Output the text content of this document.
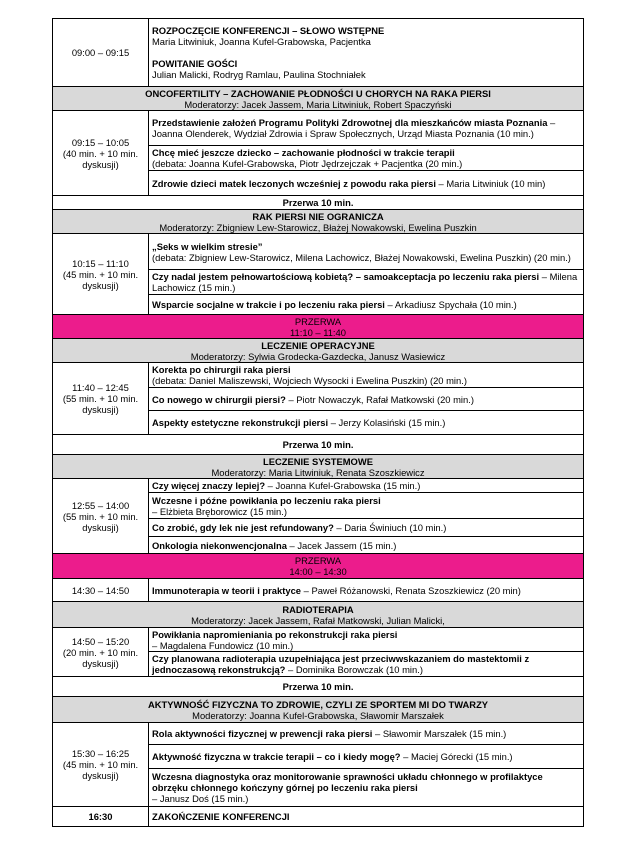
09:00 – 09:15	ROZPOCZĘCIE KONFERENCJI – SŁOWO WSTĘPNE
Maria Litwiniuk, Joanna Kufel-Grabowska, Pacjentka

POWITANIE GOŚCI
Julian Malicki, Rodryg Ramlau, Paulina Stochniałek

ONCOFERTILITY – ZACHOWANIE PŁODNOŚCI U CHORYCH NA RAKA PIERSI
Moderatorzy: Jacek Jassem, Maria Litwiniuk, Robert Spaczyński	

09:15 – 10:05
(40 min. + 10 min.
dyskusji)	Przedstawienie założeń Programu Polityki Zdrowotnej dla mieszkańców miasta Poznania – Joanna Olenderek, Wydział Zdrowia i Spraw Społecznych, Urząd Miasta Poznania (10 min.)

	Chcę mieć jeszcze dziecko – zachowanie płodności w trakcie terapii
(debata: Joanna Kufel-Grabowska, Piotr Jędrzejczak + Pacjentka (20 min.)

	Zdrowie dzieci matek leczonych wcześniej z powodu raka piersi – Maria Litwiniuk (10 min)
Przerwa 10 min.	

RAK PIERSI NIE OGRANICZA
Moderatorzy: Zbigniew Lew-Starowicz, Błażej Nowakowski, Ewelina Puszkin	

10:15 – 11:10
(45 min. + 10 min.
dyskusji)	„Seks w wielkim stresie”
(debata: Zbigniew Lew-Starowicz, Milena Lachowicz, Błażej Nowakowski, Ewelina Puszkin) (20 min.)

	Czy nadal jestem pełnowartościową kobietą? – samoakceptacja po leczeniu raka piersi – Milena Lachowicz (15 min.)
	Wsparcie socjalne w trakcie i po leczeniu raka piersi – Arkadiusz Spychała (10 min.)

PRZERWA
11:10 – 11:40	

LECZENIE OPERACYJNE
Moderatorzy: Sylwia Grodecka-Gazdecka, Janusz Wasiewicz	

11:40 – 12:45
(55 min. + 10 min.
dyskusji)	Korekta po chirurgii raka piersi
(debata: Daniel Maliszewski, Wojciech Wysocki i Ewelina Puszkin) (20 min.)

	Co nowego w chirurgii piersi? – Piotr Nowaczyk, Rafał Matkowski (20 min.)
	Aspekty estetyczne rekonstrukcji piersi – Jerzy Kolasiński (15 min.)
Przerwa 10 min.	

LECZENIE SYSTEMOWE
Moderatorzy: Maria Litwiniuk, Renata Szoszkiewicz	

12:55 – 14:00
(55 min. + 10 min.
dyskusji)	Czy więcej znaczy lepiej? – Joanna Kufel-Grabowska (15 min.)

	Wczesne i późne powikłania po leczeniu raka piersi
– Elżbieta Bręborowicz (15 min.)

	Co zrobić, gdy lek nie jest refundowany? – Daria Świniuch (10 min.)
	Onkologia niekonwencjonalna – Jacek Jassem (15 min.)

PRZERWA
14:00 – 14:30	

14:30 – 14:50	Immunoterapia w teorii i praktyce – Paweł Różanowski, Renata Szoszkiewicz (20 min)

RADIOTERAPIA
Moderatorzy: Jacek Jassem, Rafał Matkowski, Julian Malicki,	

14:50 – 15:20
(20 min. + 10 min.
dyskusji)	Powikłania napromieniania po rekonstrukcji raka piersi
– Magdalena Fundowicz (10 min.)

	Czy planowana radioterapia uzupełniająca jest przeciwwskazaniem do mastektomii z jednoczasową rekonstrukcją? – Dominika Borowczak (10 min.)
Przerwa 10 min.	

AKTYWNOŚĆ FIZYCZNA TO ZDROWIE, CZYLI ZE SPORTEM MI DO TWARZY
Moderatorzy: Joanna Kufel-Grabowska, Sławomir Marszałek	

15:30 – 16:25
(45 min. + 10 min.
dyskusji)	Rola aktywności fizycznej w prewencji raka piersi – Sławomir Marszałek (15 min.)
	Aktywność fizyczna w trakcie terapii – co i kiedy mogę? – Maciej Górecki (15 min.)

	Wczesna diagnostyka oraz monitorowanie sprawności układu chłonnego w profilaktyce obrzęku chłonnego kończyny górnej po leczeniu raka piersi
– Janusz Doś (15 min.)

16:30	ZAKOŃCZENIE KONFERENCJI
